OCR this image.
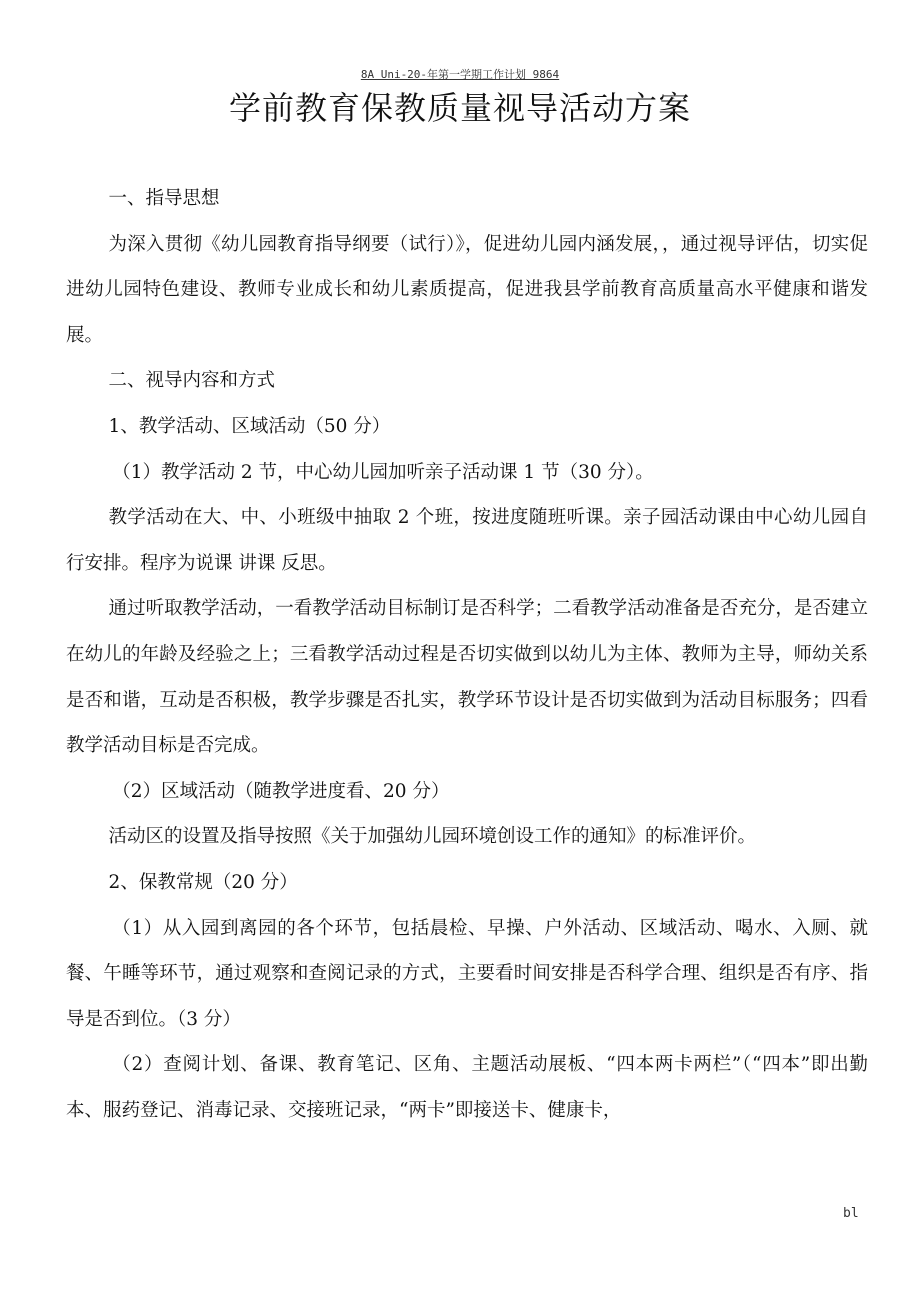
8A Uni-20-年第一学期工作计划 9864
学前教育保教质量视导活动方案

一、指导思想

为深入贯彻《幼儿园教育指导纲要（试行）》，促进幼儿园内涵发展，，通过视导评估，切实促进幼儿园特色建设、教师专业成长和幼儿素质提高，促进我县学前教育高质量高水平健康和谐发展。

二、视导内容和方式

1、教学活动、区域活动（50 分）

（1）教学活动 2 节，中心幼儿园加听亲子活动课 1 节（30 分）。

教学活动在大、中、小班级中抽取 2 个班，按进度随班听课。亲子园活动课由中心幼儿园自行安排。程序为说课 讲课 反思。

通过听取教学活动，一看教学活动目标制订是否科学；二看教学活动准备是否充分，是否建立在幼儿的年龄及经验之上；三看教学活动过程是否切实做到以幼儿为主体、教师为主导，师幼关系是否和谐，互动是否积极，教学步骤是否扎实，教学环节设计是否切实做到为活动目标服务；四看教学活动目标是否完成。

（2）区域活动（随教学进度看、20 分）

活动区的设置及指导按照《关于加强幼儿园环境创设工作的通知》的标准评价。

2、保教常规（20 分）

（1）从入园到离园的各个环节，包括晨检、早操、户外活动、区域活动、喝水、入厕、就餐、午睡等环节，通过观察和查阅记录的方式，主要看时间安排是否科学合理、组织是否有序、指导是否到位。（3 分）

（2）查阅计划、备课、教育笔记、区角、主题活动展板、“四本两卡两栏”（“四本”即出勤本、服药登记、消毒记录、交接班记录，“两卡”即接送卡、健康卡，

bl
